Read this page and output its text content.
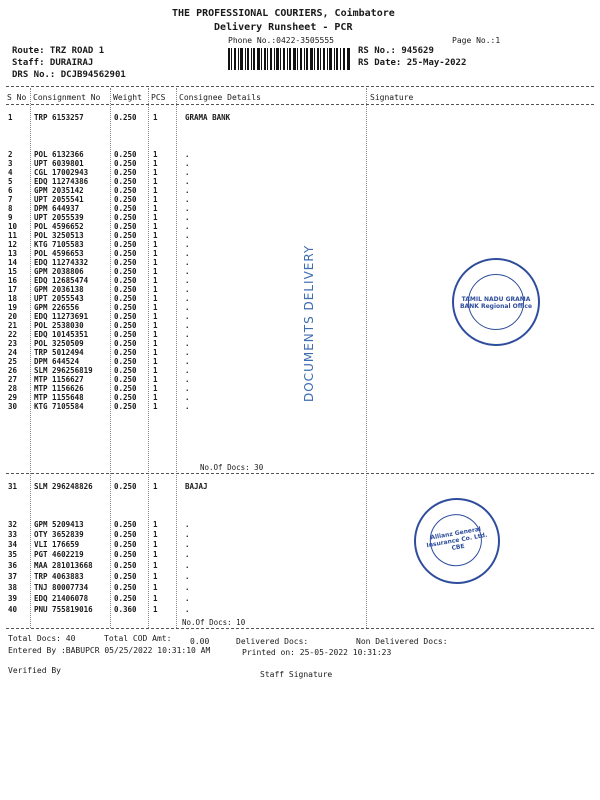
THE PROFESSIONAL COURIERS, Coimbatore
Delivery Runsheet - PCR
Phone No.:0422-3505555	Page No.:1
Route: TRZ ROAD 1
Staff: DURAIRAJ
DRS No.: DCJB94562901
RS No.: 945629
RS Date: 25-May-2022
S No Consignment No Weight PCS Consignee Details	Signature
1	TRP 6153257	0.250 1	GRAMA BANK
2	POL 6132366	0.250 1	.
3	UPT 6039801	0.250 1	.
4	CGL 17002943	0.250 1	.
5	EDQ 11274386	0.250 1	.
6	GPM 2035142	0.250 1	.
7	UPT 2055541	0.250 1	.
8	DPM 644937	0.250 1	.
9	UPT 2055539	0.250 1	.
10 POL 4596652	0.250 1	.
11 POL 3250513	0.250 1	.
12 KTG 7105583	0.250 1	.
13 POL 4596653	0.250 1	.
14 EDQ 11274332	0.250 1	.
15 GPM 2038806	0.250 1	.
16 EDQ 12685474	0.250 1	.
17 GPM 2036138	0.250 1	.
18 UPT 2055543	0.250 1	.
19 GPM 226556	0.250 1	.
20 EDQ 11273691	0.250 1	.
21 POL 2538030	0.250 1	.
22 EDQ 10145351	0.250 1	.
23 POL 3250509	0.250 1	.
24 TRP 5012494	0.250 1	.
25 DPM 644524	0.250 1	.
26 SLM 296256819	0.250 1	.
27 MTP 1156627	0.250 1	.
28 MTP 1156626	0.250 1	.
29 MTP 1155648	0.250 1	.
30 KTG 7105584	0.250 1	.
No.Of Docs: 30
31 SLM 296248826	0.250 1	BAJAJ
32 GPM 5209413	0.250 1	.
33 OTY 3652839	0.250 1	.
34 VLI 176659	0.250 1	.
35 PGT 4602219	0.250 1	.
36 MAA 281013668	0.250 1	.
37 TRP 4063883	0.250 1	.
38 TNJ 80007734	0.250 1	.
39 EDQ 21406078	0.250 1	.
40 PNU 755819016	0.360 1	.
No.Of Docs: 10
DOCUMENTS DELIVERY	TAMIL NADU GRAMA BANK Regional Office
Allianz General Insurance Co. Ltd. CBE
Total Docs: 40	Total COD Amt: 0.00	Delivered Docs:	Non Delivered Docs:
Entered By :BABUPCR 05/25/2022 10:31:10 AM	Printed on: 25-05-2022 10:31:23
Verified By	Staff Signature
